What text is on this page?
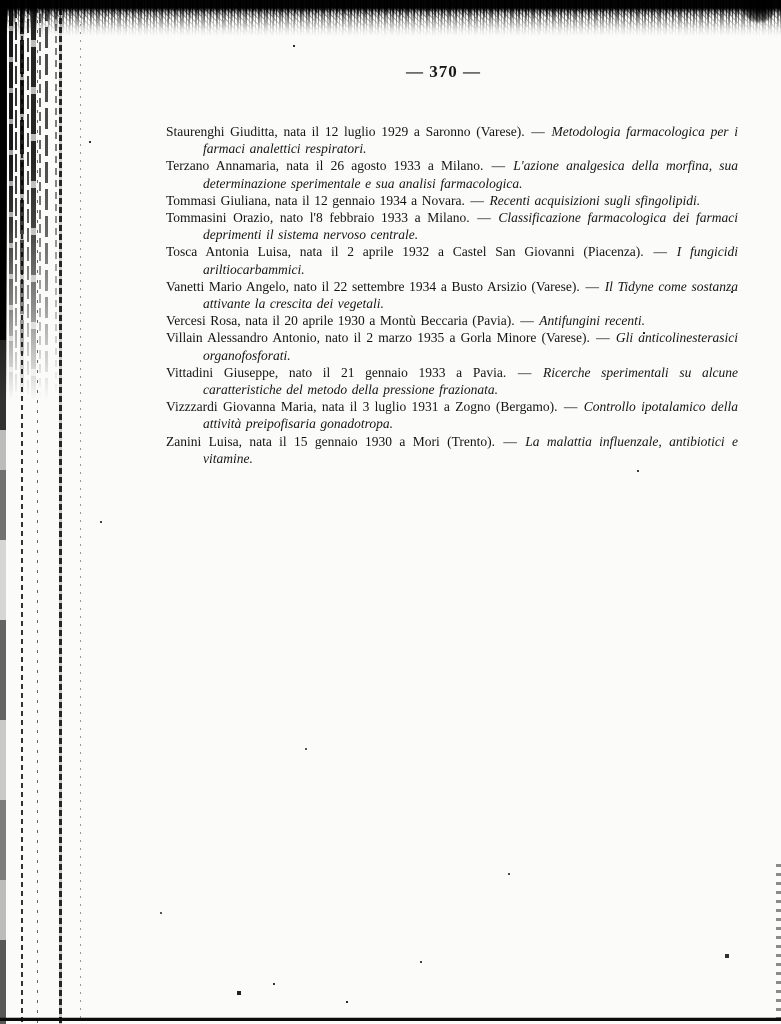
— 370 —

Staurenghi Giuditta, nata il 12 luglio 1929 a Saronno (Varese). — Metodologia farmacologica per i farmaci analettici respiratori.

Terzano Annamaria, nata il 26 agosto 1933 a Milano. — L'azione analgesica della morfina, sua determinazione sperimentale e sua analisi farmacologica.

Tommasi Giuliana, nata il 12 gennaio 1934 a Novara. — Recenti acquisizioni sugli sfingolipidi.

Tommasini Orazio, nato l'8 febbraio 1933 a Milano. — Classificazione farmacologica dei farmaci deprimenti il sistema nervoso centrale.

Tosca Antonia Luisa, nata il 2 aprile 1932 a Castel San Giovanni (Piacenza). — I fungicidi ariltiocarbammici.

Vanetti Mario Angelo, nato il 22 settembre 1934 a Busto Arsizio (Varese). — Il Tidyne come sostanza attivante la crescita dei vegetali.

Vercesi Rosa, nata il 20 aprile 1930 a Montù Beccaria (Pavia). — Antifungini recenti.

Villain Alessandro Antonio, nato il 2 marzo 1935 a Gorla Minore (Varese). — Gli anticolinesterasici organofosforati.

Vittadini Giuseppe, nato il 21 gennaio 1933 a Pavia. — Ricerche sperimentali su alcune caratteristiche del metodo della pressione frazionata.

Vizzzardi Giovanna Maria, nata il 3 luglio 1931 a Zogno (Bergamo). — Controllo ipotalamico della attività preipofisaria gonadotropa.

Zanini Luisa, nata il 15 gennaio 1930 a Mori (Trento). — La malattia influenzale, antibiotici e vitamine.
